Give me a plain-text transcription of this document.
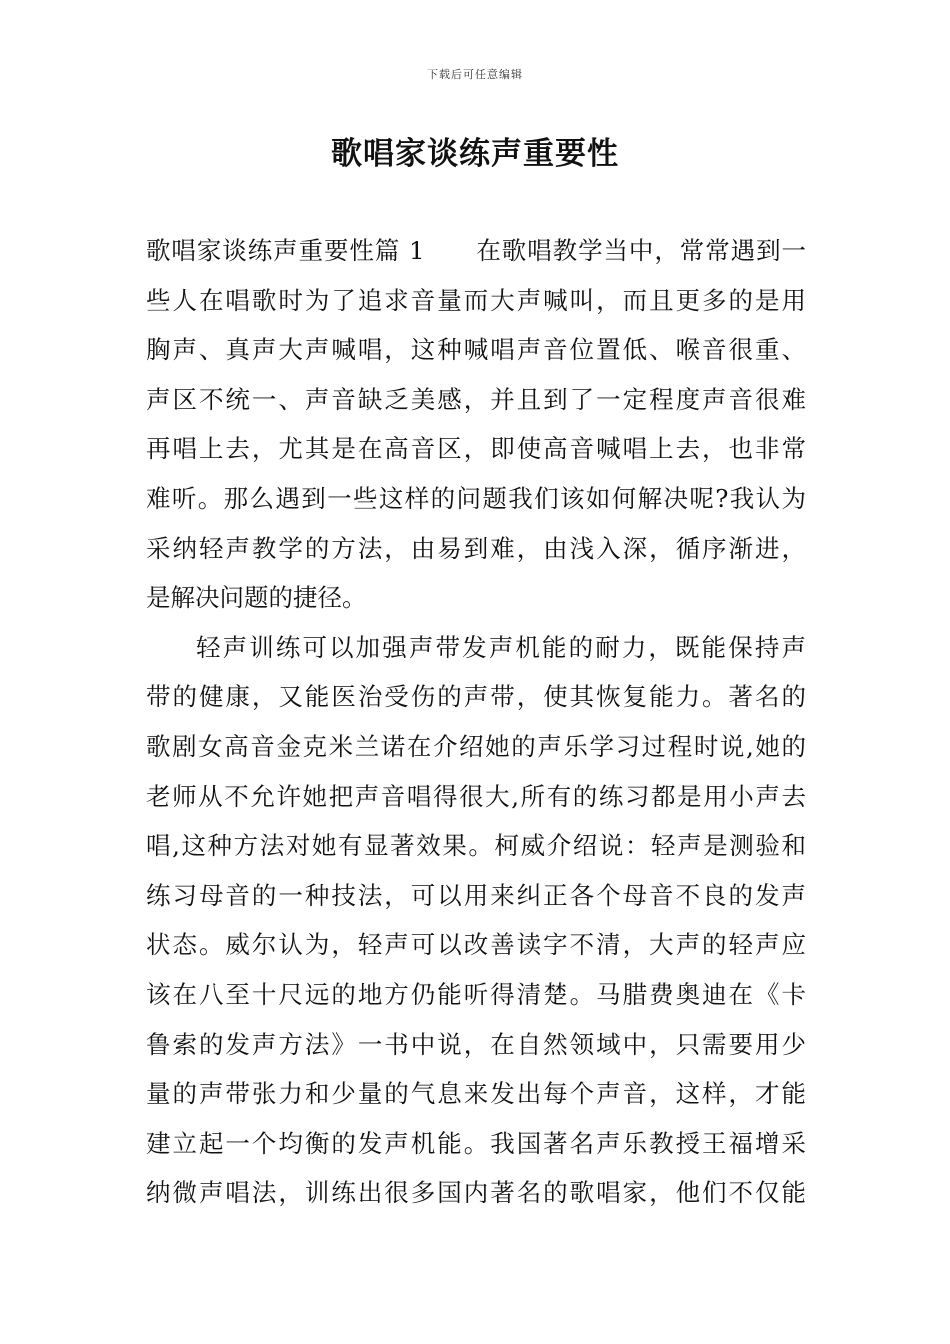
下载后可任意编辑
歌唱家谈练声重要性
歌唱家谈练声重要性篇 1　　在歌唱教学当中，常常遇到一
些人在唱歌时为了追求音量而大声喊叫，而且更多的是用
胸声、真声大声喊唱，这种喊唱声音位置低、喉音很重、
声区不统一、声音缺乏美感，并且到了一定程度声音很难
再唱上去，尤其是在高音区，即使高音喊唱上去，也非常
难听。那么遇到一些这样的问题我们该如何解决呢?我认为
采纳轻声教学的方法，由易到难，由浅入深，循序渐进，
是解决问题的捷径。
轻声训练可以加强声带发声机能的耐力，既能保持声
带的健康，又能医治受伤的声带，使其恢复能力。著名的
歌剧女高音金克米兰诺在介绍她的声乐学习过程时说,她的
老师从不允许她把声音唱得很大,所有的练习都是用小声去
唱,这种方法对她有显著效果。柯威介绍说：轻声是测验和
练习母音的一种技法，可以用来纠正各个母音不良的发声
状态。威尔认为，轻声可以改善读字不清，大声的轻声应
该在八至十尺远的地方仍能听得清楚。马腊费奥迪在《卡
鲁索的发声方法》一书中说，在自然领域中，只需要用少
量的声带张力和少量的气息来发出每个声音，这样，才能
建立起一个均衡的发声机能。我国著名声乐教授王福增采
纳微声唱法，训练出很多国内著名的歌唱家，他们不仅能
